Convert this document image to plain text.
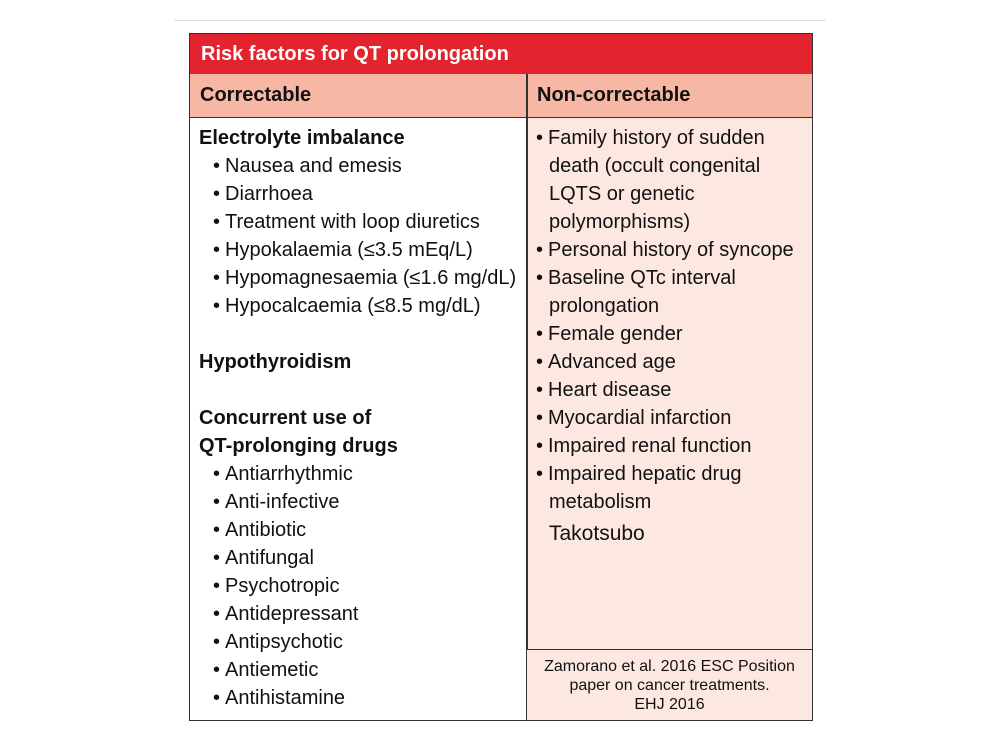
Risk factors for QT prolongation
Correctable	Non-correctable
Zamorano et al. 2016 ESC Position
paper on cancer treatments.
EHJ 2016
Electrolyte imbalance
• Nausea and emesis
• Diarrhoea
• Treatment with loop diuretics
• Hypokalaemia (≤3.5 mEq/L)
• Hypomagnesaemia (≤1.6 mg/dL)
• Hypocalcaemia (≤8.5 mg/dL)
Hypothyroidism
Concurrent use of
QT-prolonging drugs
• Antiarrhythmic
• Anti-infective
• Antibiotic
• Antifungal
• Psychotropic
• Antidepressant
• Antipsychotic
• Antiemetic
• Antihistamine
• Family history of sudden
death (occult congenital
LQTS or genetic
polymorphisms)
• Personal history of syncope
• Baseline QTc interval
prolongation
• Female gender
• Advanced age
• Heart disease
• Myocardial infarction
• Impaired renal function
• Impaired hepatic drug
metabolism
Takotsubo
